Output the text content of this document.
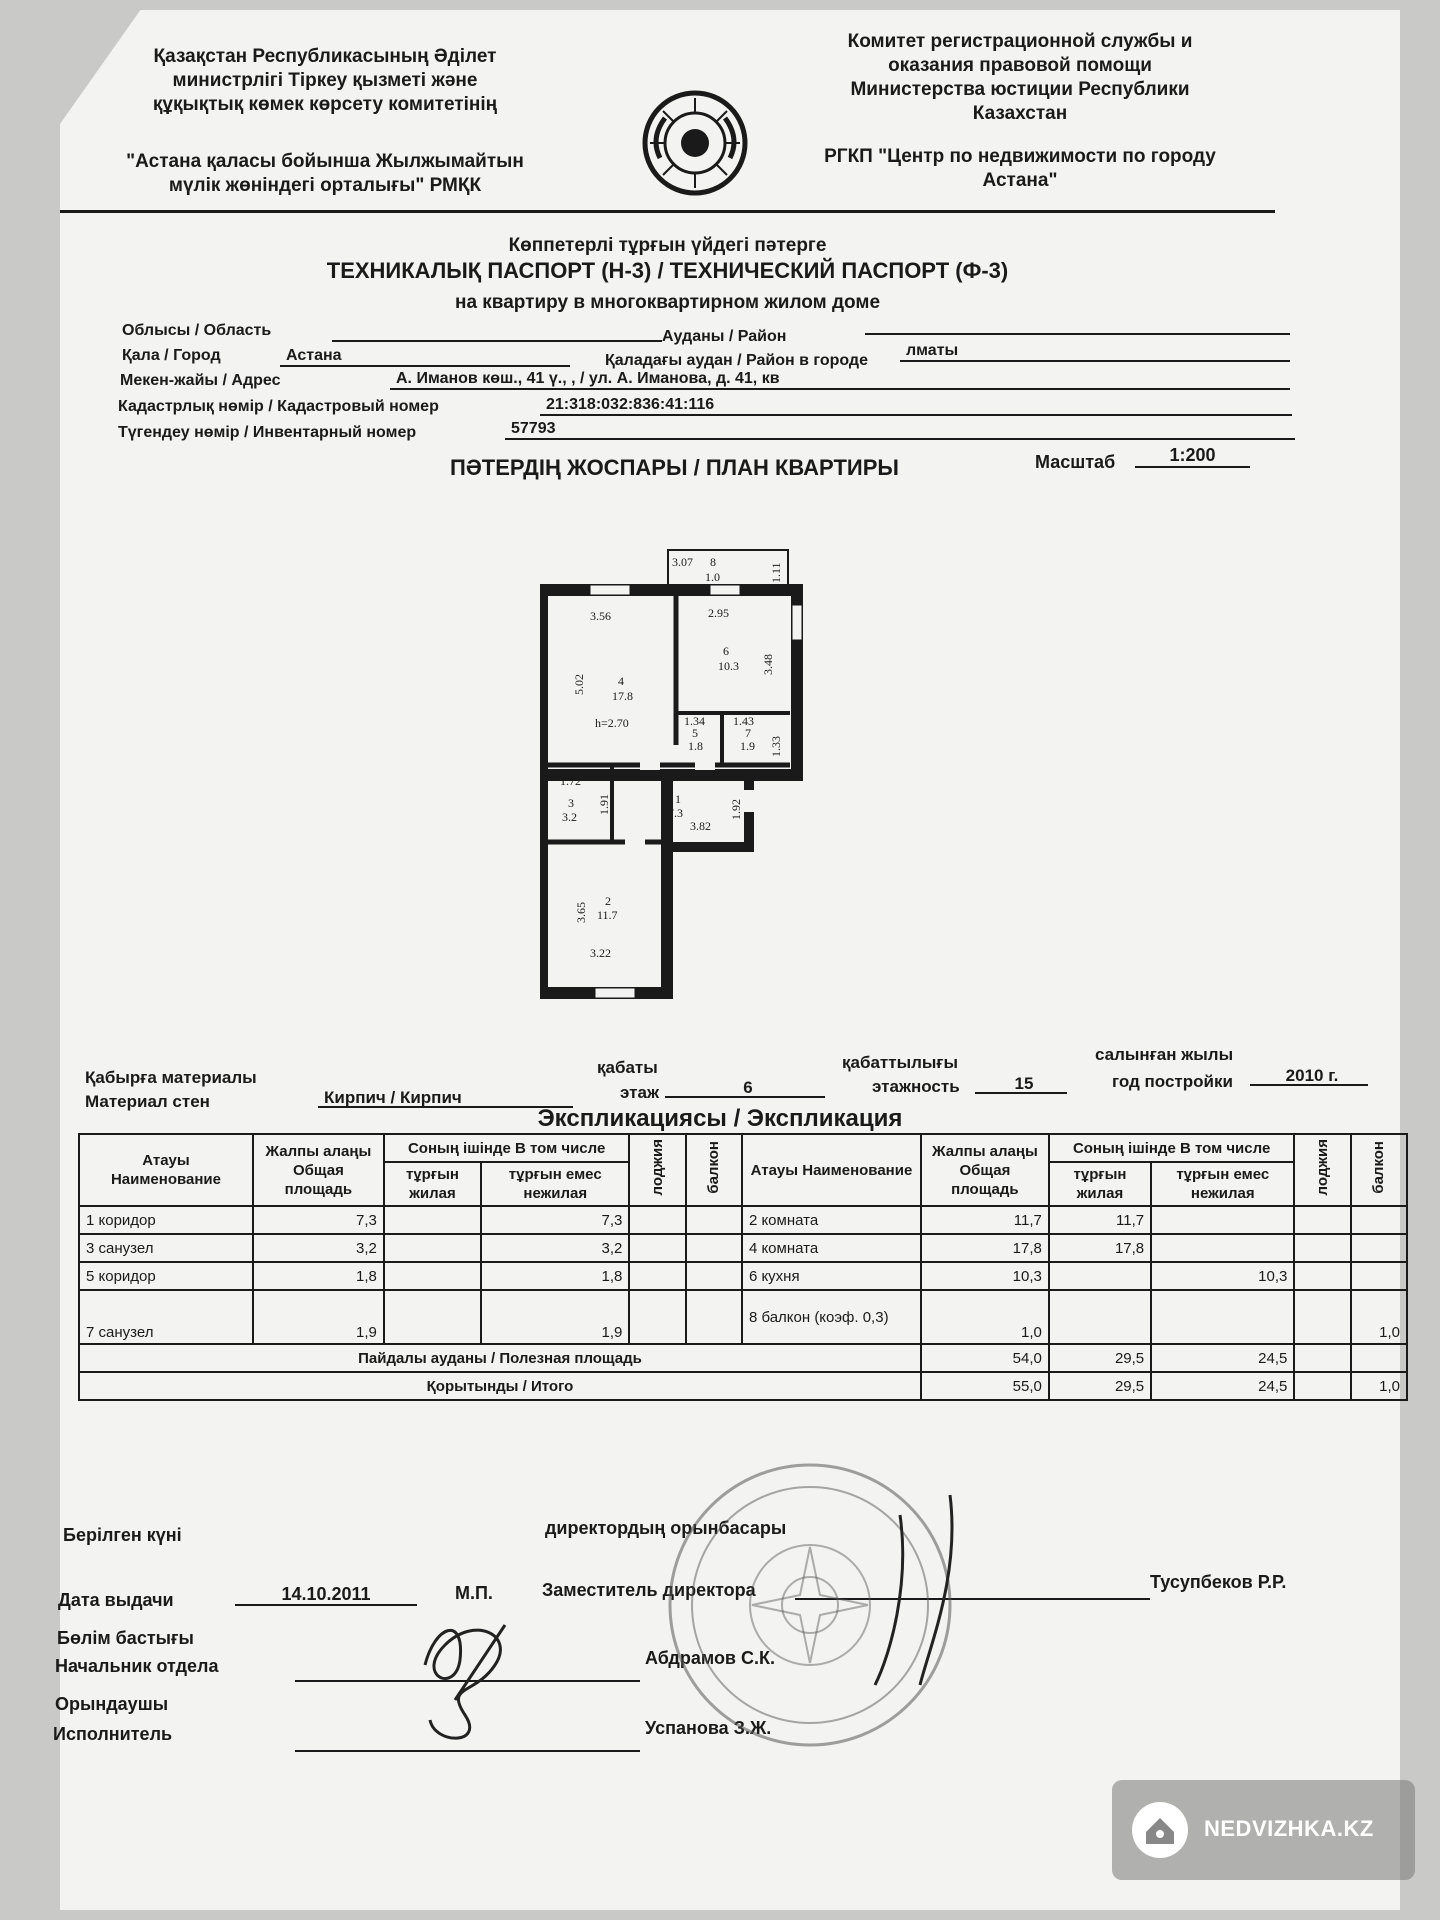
Қазақстан Республикасының Әділет
министрлігі Тіркеу қызметі және
құқықтық көмек көрсету комитетінің
"Астана қаласы бойынша Жылжымайтын
мүлік жөніндегі орталығы" РМҚК
Комитет регистрационной службы и
оказания правовой помощи
Министерства юстиции Республики
Казахстан
РГКП "Центр по недвижимости по городу
Астана"
Көппетерлі тұрғын үйдегі пәтерге
ТЕХНИКАЛЫҚ ПАСПОРТ (Н-3) / ТЕХНИЧЕСКИЙ ПАСПОРТ (Ф-3)
на квартиру в многоквартирном жилом доме
Облысы / Область	Ауданы / Район
Қала / Город	Астана	Қаладағы аудан / Район в городе
лматы
Мекен-жайы / Адрес	А. Иманов көш., 41 ү., , / ул. А. Иманова, д. 41, кв
Кадастрлық нөмір / Кадастровый номер	21:318:032:836:41:116
Түгендеу нөмір / Инвентарный номер	57793
ПӘТЕРДІҢ ЖОСПАРЫ / ПЛАН КВАРТИРЫ	Масштаб	1:200
3.07 8
1.0	1.11
3.56
5.02	4
17.8
h=2.70
2.95
6
10.3 3.48
1.34
5
1.8
1.43
7
1.9 1.33
1.72
1.91
3
3.2
1
7.3	1.92
3.82
3.65
2
11.7
3.22
Қабырға материалы
Материал стен	Кирпич / Кирпич
қабаты
этаж	6
қабаттылығы
этажность	15
салынған жылы
год постройки	2010 г.
Экспликациясы / Экспликация
Атауы Наименование	Жалпы алаңы Общая площадь	Соның ішінде В том числе		лоджия	балкон	Атауы Наименование	Жалпы алаңы Общая площадь	Соның ішінде В том числе		лоджия	балкон
		тұрғын жилая	тұрғын емес нежилая					тұрғын жилая	тұрғын емес нежилая		
1 коридор	7,3		7,3			2 комната	11,7	11,7			
3 санузел	3,2		3,2			4 комната	17,8	17,8			
5 коридор	1,8		1,8			6 кухня	10,3		10,3		
7 санузел	1,9		1,9			8 балкон (коэф. 0,3)	1,0				1,0
Пайдалы ауданы / Полезная площадь							54,0	29,5	24,5		
Қорытынды / Итого							55,0	29,5	24,5		1,0
Берілген күні
Дата выдачи	14.10.2011	М.П.
директордың орынбасары
Заместитель директора	Тусупбеков Р.Р.
Бөлім бастығы
Начальник отдела	Абдрамов С.К.
Орындаушы
Исполнитель	Успанова З.Ж.
NEDVIZHKA.KZ
